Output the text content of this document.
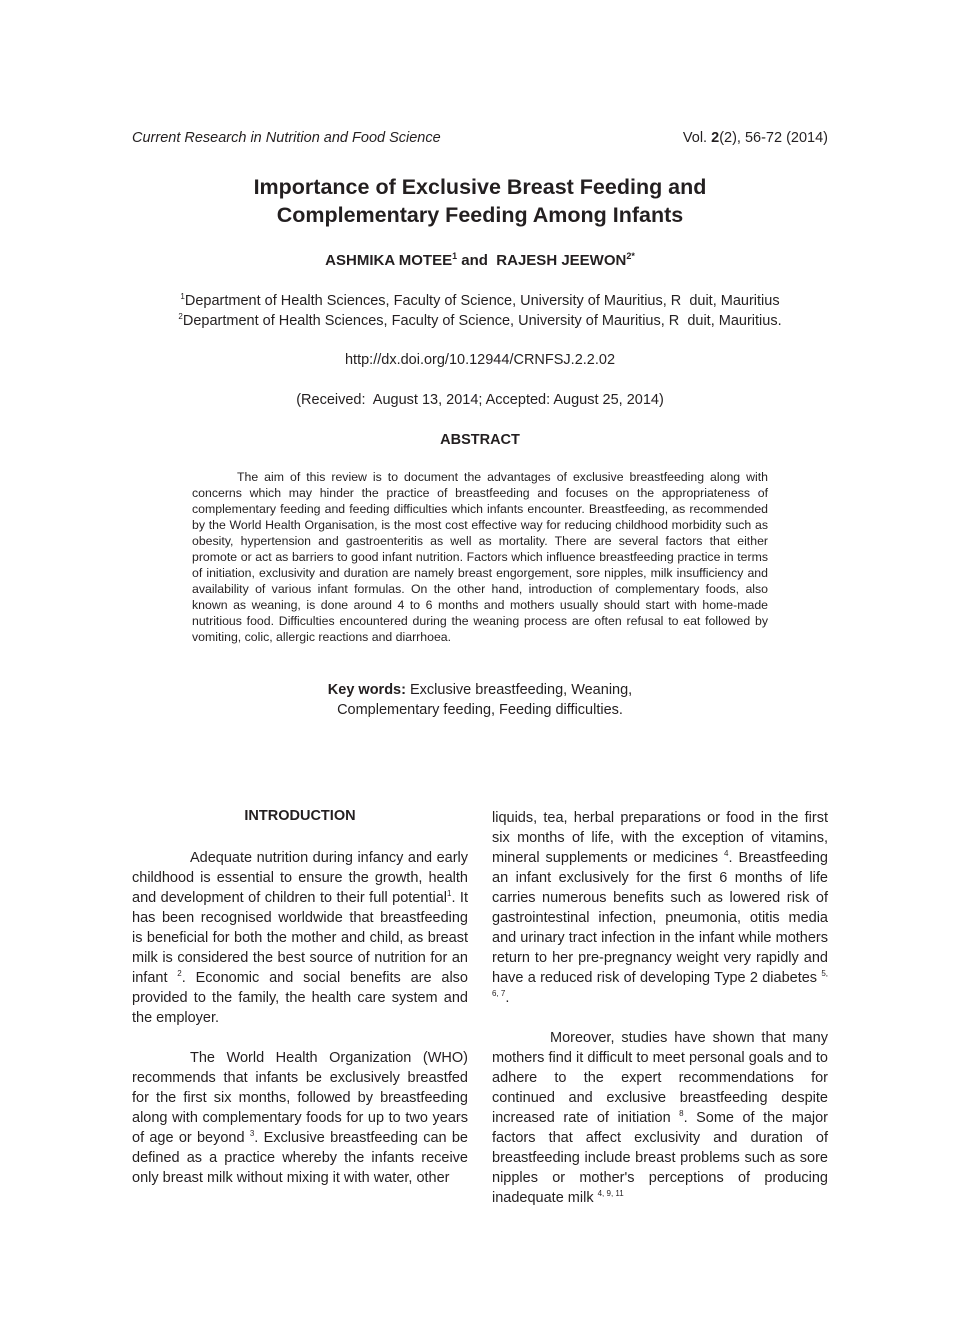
Current Research in Nutrition and Food Science	Vol. 2(2), 56-72 (2014)
Importance of Exclusive Breast Feeding and
Complementary Feeding Among Infants
ASHMIKA MOTEE$^1$ and  RAJESH $JEEWON^{2*}$
$^1$Department of Health Sciences, Faculty of Science, University of Mauritius, R  duit, Mauritius
$^2$Department of Health Sciences, Faculty of Science, University of Mauritius, R  duit, Mauritius.
http://dx.doi.org/10.12944/CRNFSJ.2.2.02
(Received:  August 13, 2014; Accepted: August 25, 2014)
ABSTRACT
The aim of this review is to document the advantages of exclusive breastfeeding along with concerns which may hinder the practice of breastfeeding and focuses on the appropriateness of complementary feeding and feeding difficulties which infants encounter. Breastfeeding, as recommended by the World Health Organisation, is the most cost effective way for reducing childhood morbidity such as obesity, hypertension and gastroenteritis as well as mortality. There are several factors that either promote or act as barriers to good infant nutrition. Factors which influence breastfeeding practice in terms of initiation, exclusivity and duration are namely breast engorgement, sore nipples, milk insufficiency and availability of various infant formulas. On the other hand, introduction of complementary foods, also known as weaning, is done around 4 to 6 months and mothers usually should start with home-made nutritious food. Difficulties encountered during the weaning process are often refusal to eat followed by vomiting, colic, allergic reactions and diarrhoea.
Key words: Exclusive breastfeeding, Weaning,
Complementary feeding, Feeding difficulties.
INTRODUCTION

Adequate nutrition during infancy and early childhood is essential to ensure the growth, health and development of children to their full potential$^1$. It has been recognised worldwide that breastfeeding is beneficial for both the mother and child, as breast milk is considered the best source of nutrition for an infant $^2$. Economic and social benefits are also provided to the family, the health care system and the employer.

The World Health Organization (WHO) recommends that infants be exclusively breastfed for the first six months, followed by breastfeeding along with complementary foods for up to two years of age or beyond $^3$. Exclusive breastfeeding can be defined as a practice whereby the infants receive only breast milk without mixing it with water, other

liquids, tea, herbal preparations or food in the first six months of life, with the exception of vitamins, mineral supplements or medicines $^4$. Breastfeeding an infant exclusively for the first 6 months of life carries numerous benefits such as lowered risk of gastrointestinal infection, pneumonia, otitis media and urinary tract infection in the infant while mothers return to her pre-pregnancy weight very rapidly and have a reduced risk of developing Type 2 diabetes $^{5, 6, 7}$.

Moreover, studies have shown that many mothers find it difficult to meet personal goals and to adhere to the expert recommendations for continued and exclusive breastfeeding despite increased rate of initiation $^8$. Some of the major factors that affect exclusivity and duration of breastfeeding include breast problems such as sore nipples or mother's perceptions of producing inadequate milk $^{4, 9, 11}$
